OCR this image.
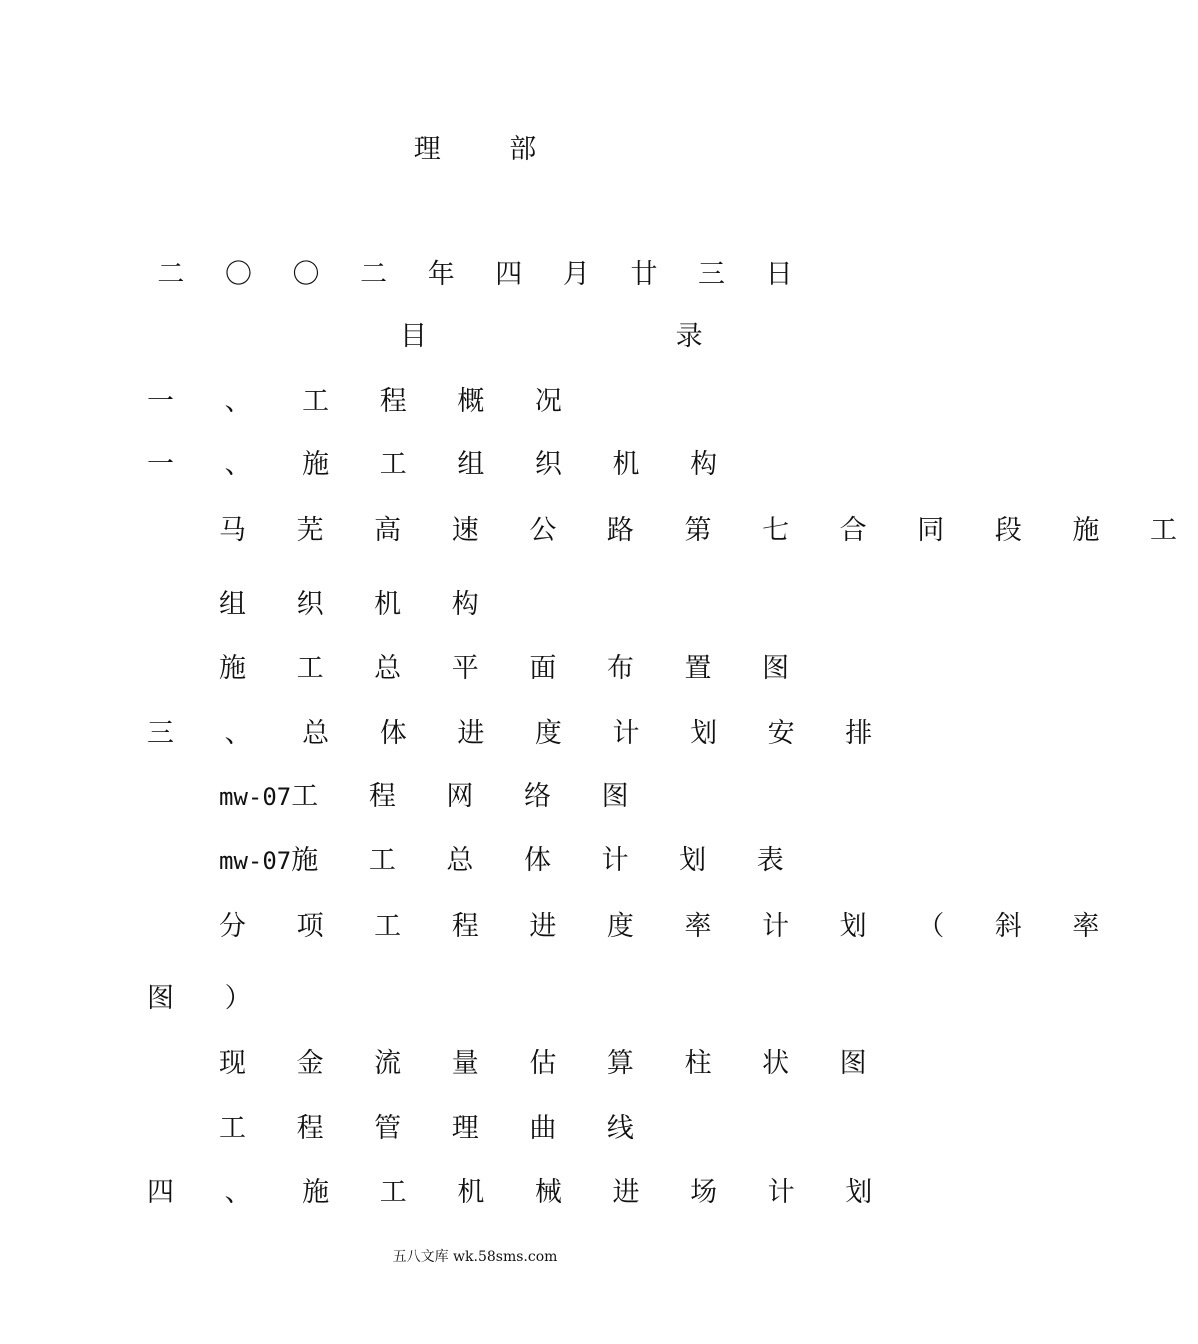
理 部
二 〇 〇 二 年 四 月 廿 三 日
目 录
一 、 工 程 概 况
一 、 施 工 组 织 机 构
马 芜 高 速 公 路 第 七 合 同 段 施 工
组 织 机 构
施 工 总 平 面 布 置 图
三 、 总 体 进 度 计 划 安 排
mw-07工 程 网 络 图
mw-07施 工 总 体 计 划 表
分 项 工 程 进 度 率 计 划 （ 斜 率
图 ）
现 金 流 量 估 算 柱 状 图
工 程 管 理 曲 线
四 、 施 工 机 械 进 场 计 划
五八文库 wk.58sms.com
